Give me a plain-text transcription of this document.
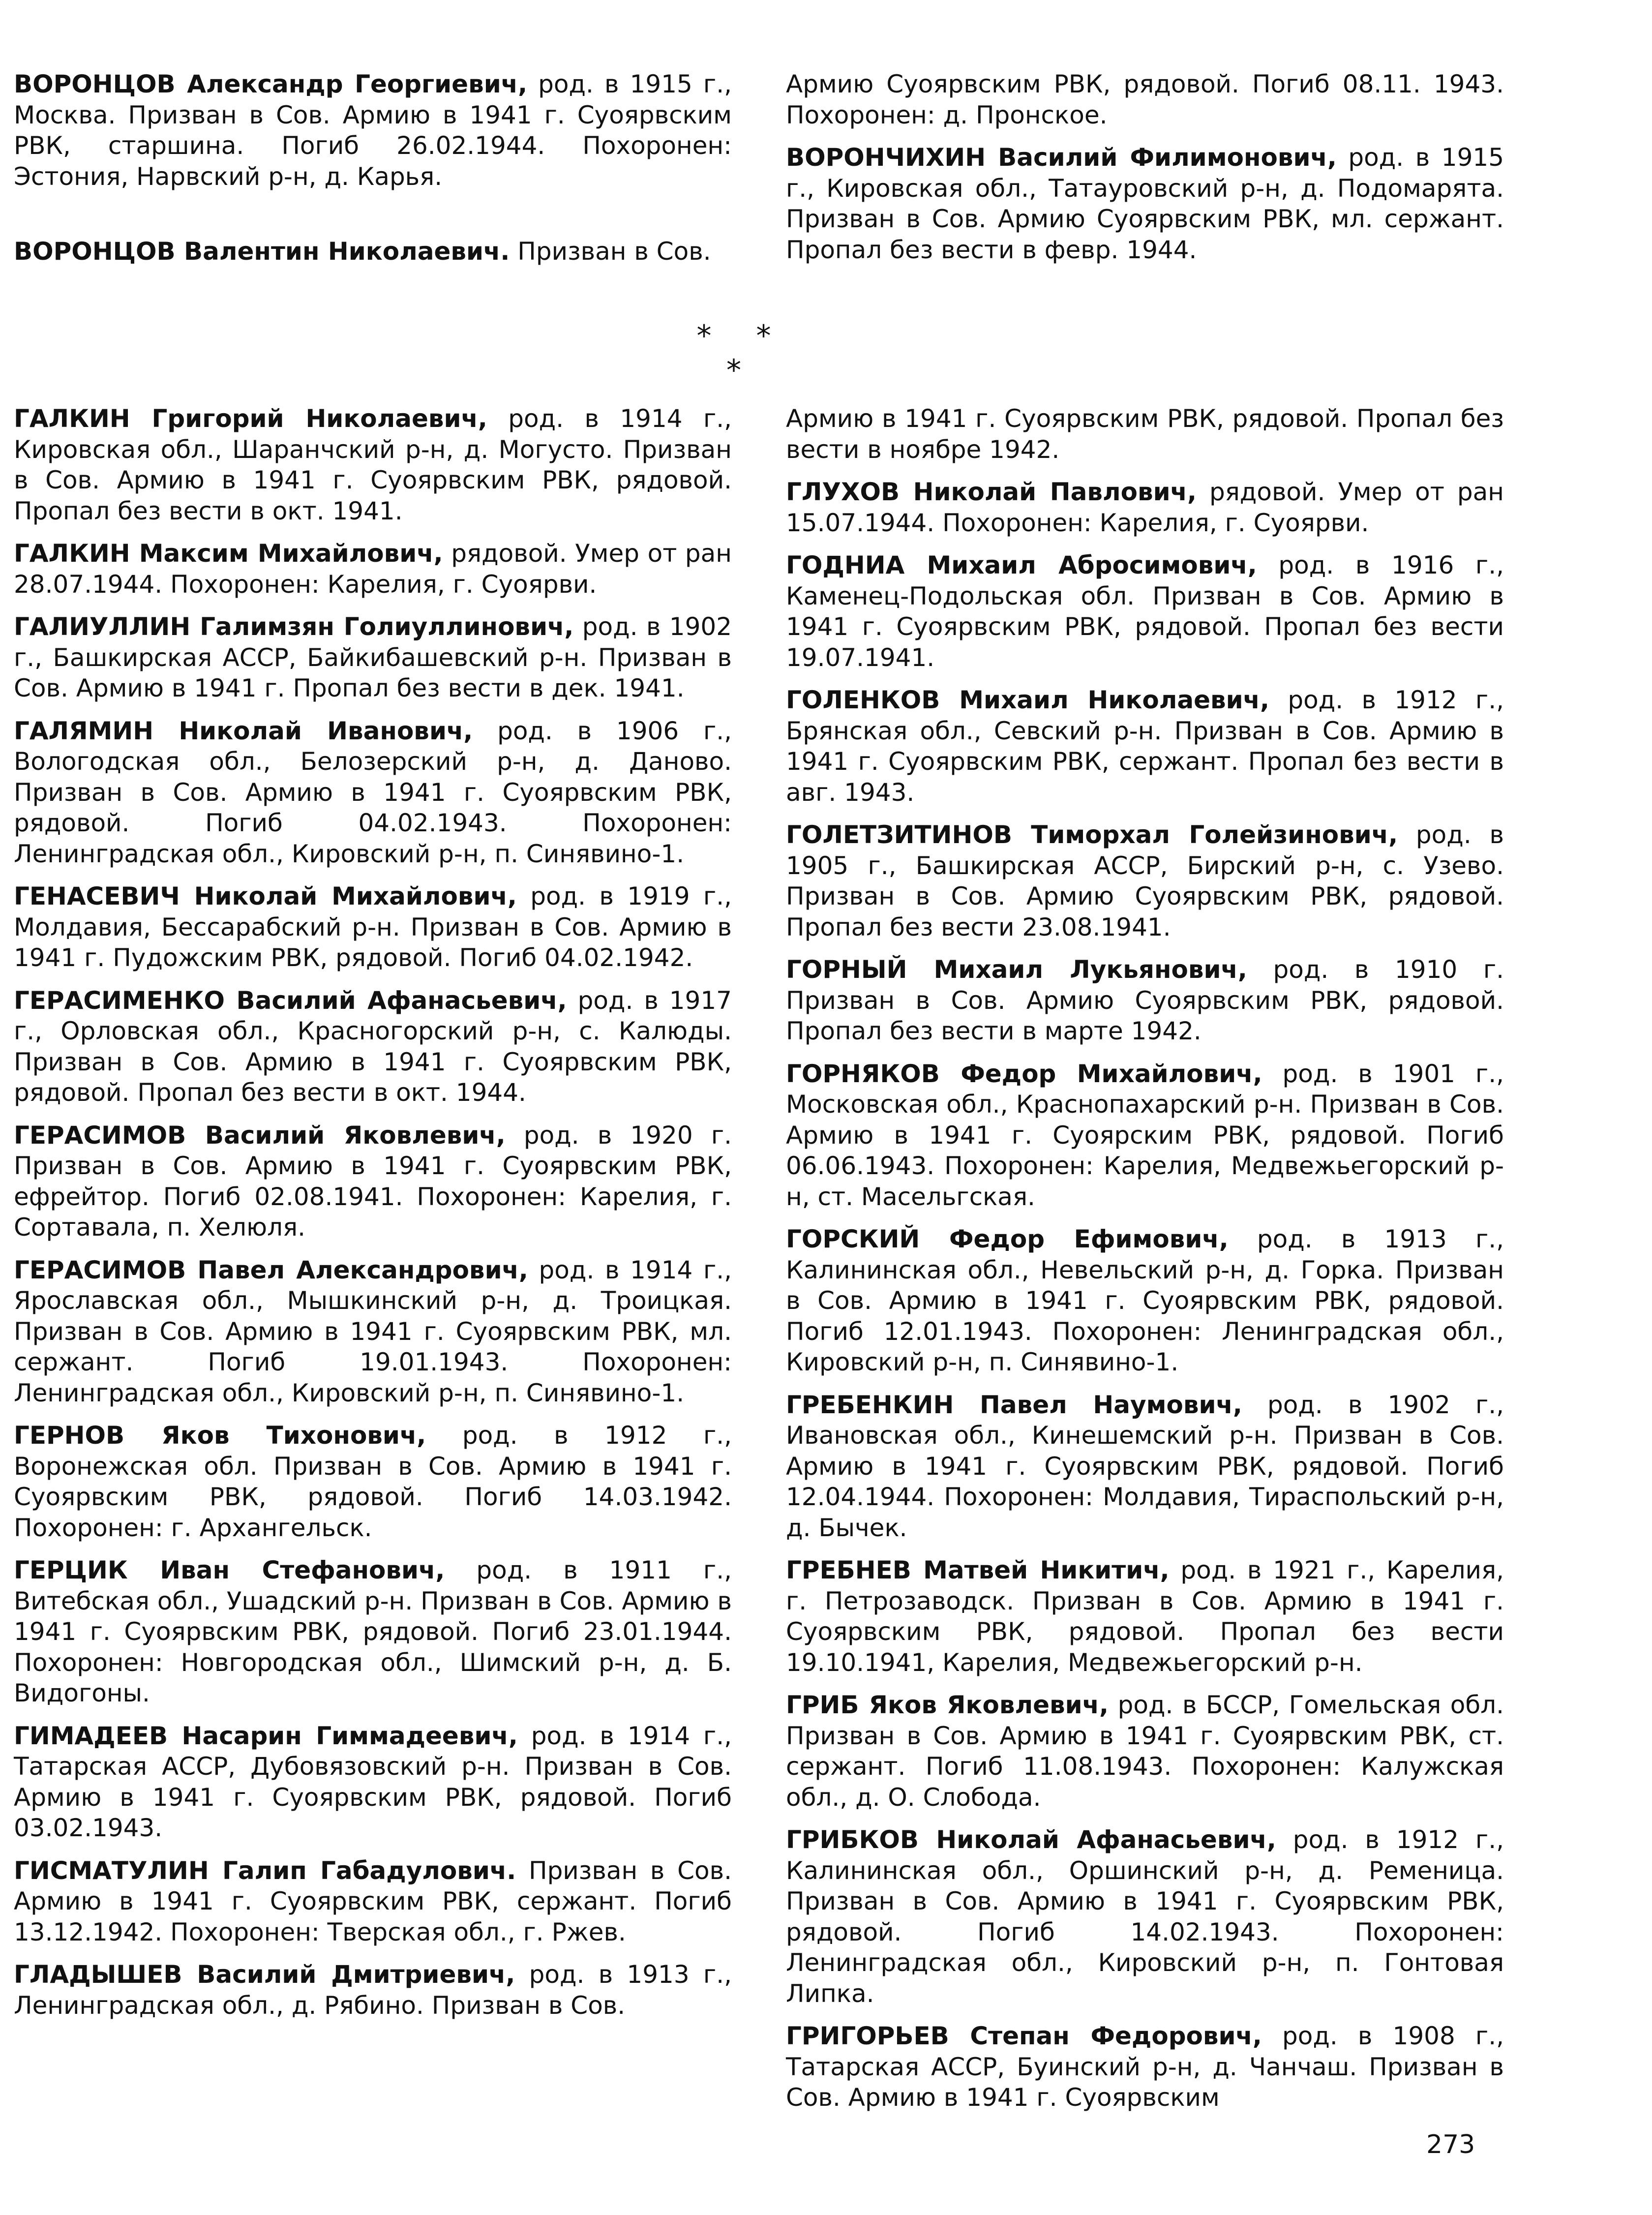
ВОРОНЦОВ Александр Георгиевич, род. в 1915 г., Москва. Призван в Сов. Армию в 1941 г. Суоярвским РВК, старшина. Погиб 26.02.1944. Похоронен: Эстония, Нарвский р-н, д. Карья.

ВОРОНЦОВ Валентин Николаевич. Призван в Сов.

Армию Суоярвским РВК, рядовой. Погиб 08.11. 1943. Похоронен: д. Пронское.

ВОРОНЧИХИН Василий Филимонович, род. в 1915 г., Кировская обл., Татауровский р-н, д. Подомарята. Призван в Сов. Армию Суоярвским РВК, мл. сержант. Пропал без вести в февр. 1944.

* * *

ГАЛКИН Григорий Николаевич, род. в 1914 г., Кировская обл., Шаранчский р-н, д. Могусто. Призван в Сов. Армию в 1941 г. Суоярвским РВК, рядовой. Пропал без вести в окт. 1941.

ГАЛКИН Максим Михайлович, рядовой. Умер от ран 28.07.1944. Похоронен: Карелия, г. Суоярви.

ГАЛИУЛЛИН Галимзян Голиуллинович, род. в 1902 г., Башкирская АССР, Байкибашевский р-н. Призван в Сов. Армию в 1941 г. Пропал без вести в дек. 1941.

ГАЛЯМИН Николай Иванович, род. в 1906 г., Вологодская обл., Белозерский р-н, д. Даново. Призван в Сов. Армию в 1941 г. Суоярвским РВК, рядовой. Погиб 04.02.1943. Похоронен: Ленинградская обл., Кировский р-н, п. Синявино-1.

ГЕНАСЕВИЧ Николай Михайлович, род. в 1919 г., Молдавия, Бессарабский р-н. Призван в Сов. Армию в 1941 г. Пудожским РВК, рядовой. Погиб 04.02.1942.

ГЕРАСИМЕНКО Василий Афанасьевич, род. в 1917 г., Орловская обл., Красногорский р-н, с. Калюды. Призван в Сов. Армию в 1941 г. Суоярвским РВК, рядовой. Пропал без вести в окт. 1944.

ГЕРАСИМОВ Василий Яковлевич, род. в 1920 г. Призван в Сов. Армию в 1941 г. Суоярвским РВК, ефрейтор. Погиб 02.08.1941. Похоронен: Карелия, г. Сортавала, п. Хелюля.

ГЕРАСИМОВ Павел Александрович, род. в 1914 г., Ярославская обл., Мышкинский р-н, д. Троицкая. Призван в Сов. Армию в 1941 г. Суоярвским РВК, мл. сержант. Погиб 19.01.1943. Похоронен: Ленинградская обл., Кировский р-н, п. Синявино-1.

ГЕРНОВ Яков Тихонович, род. в 1912 г., Воронежская обл. Призван в Сов. Армию в 1941 г. Суоярвским РВК, рядовой. Погиб 14.03.1942. Похоронен: г. Архангельск.

ГЕРЦИК Иван Стефанович, род. в 1911 г., Витебская обл., Ушадский р-н. Призван в Сов. Армию в 1941 г. Суоярвским РВК, рядовой. Погиб 23.01.1944. Похоронен: Новгородская обл., Шимский р-н, д. Б. Видогоны.

ГИМАДЕЕВ Насарин Гиммадеевич, род. в 1914 г., Татарская АССР, Дубовязовский р-н. Призван в Сов. Армию в 1941 г. Суоярвским РВК, рядовой. Погиб 03.02.1943.

ГИСМАТУЛИН Галип Габадулович. Призван в Сов. Армию в 1941 г. Суоярвским РВК, сержант. Погиб 13.12.1942. Похоронен: Тверская обл., г. Ржев.

ГЛАДЫШЕВ Василий Дмитриевич, род. в 1913 г., Ленинградская обл., д. Рябино. Призван в Сов.

Армию в 1941 г. Суоярвским РВК, рядовой. Пропал без вести в ноябре 1942.

ГЛУХОВ Николай Павлович, рядовой. Умер от ран 15.07.1944. Похоронен: Карелия, г. Суоярви.

ГОДНИА Михаил Абросимович, род. в 1916 г., Каменец-Подольская обл. Призван в Сов. Армию в 1941 г. Суоярвским РВК, рядовой. Пропал без вести 19.07.1941.

ГОЛЕНКОВ Михаил Николаевич, род. в 1912 г., Брянская обл., Севский р-н. Призван в Сов. Армию в 1941 г. Суоярвским РВК, сержант. Пропал без вести в авг. 1943.

ГОЛЕТЗИТИНОВ Тиморхал Голейзинович, род. в 1905 г., Башкирская АССР, Бирский р-н, с. Узево. Призван в Сов. Армию Суоярвским РВК, рядовой. Пропал без вести 23.08.1941.

ГОРНЫЙ Михаил Лукьянович, род. в 1910 г. Призван в Сов. Армию Суоярвским РВК, рядовой. Пропал без вести в марте 1942.

ГОРНЯКОВ Федор Михайлович, род. в 1901 г., Московская обл., Краснопахарский р-н. Призван в Сов. Армию в 1941 г. Суоярским РВК, рядовой. Погиб 06.06.1943. Похоронен: Карелия, Медвежьегорский р-н, ст. Масельгская.

ГОРСКИЙ Федор Ефимович, род. в 1913 г., Калининская обл., Невельский р-н, д. Горка. Призван в Сов. Армию в 1941 г. Суоярвским РВК, рядовой. Погиб 12.01.1943. Похоронен: Ленинградская обл., Кировский р-н, п. Синявино-1.

ГРЕБЕНКИН Павел Наумович, род. в 1902 г., Ивановская обл., Кинешемский р-н. Призван в Сов. Армию в 1941 г. Суоярвским РВК, рядовой. Погиб 12.04.1944. Похоронен: Молдавия, Тираспольский р-н, д. Бычек.

ГРЕБНЕВ Матвей Никитич, род. в 1921 г., Карелия, г. Петрозаводск. Призван в Сов. Армию в 1941 г. Суоярвским РВК, рядовой. Пропал без вести 19.10.1941, Карелия, Медвежьегорский р-н.

ГРИБ Яков Яковлевич, род. в БССР, Гомельская обл. Призван в Сов. Армию в 1941 г. Суоярвским РВК, ст. сержант. Погиб 11.08.1943. Похоронен: Калужская обл., д. О. Слобода.

ГРИБКОВ Николай Афанасьевич, род. в 1912 г., Калининская обл., Оршинский р-н, д. Ременица. Призван в Сов. Армию в 1941 г. Суоярвским РВК, рядовой. Погиб 14.02.1943. Похоронен: Ленинградская обл., Кировский р-н, п. Гонтовая Липка.

ГРИГОРЬЕВ Степан Федорович, род. в 1908 г., Татарская АССР, Буинский р-н, д. Чанчаш. Призван в Сов. Армию в 1941 г. Суоярвским

273
